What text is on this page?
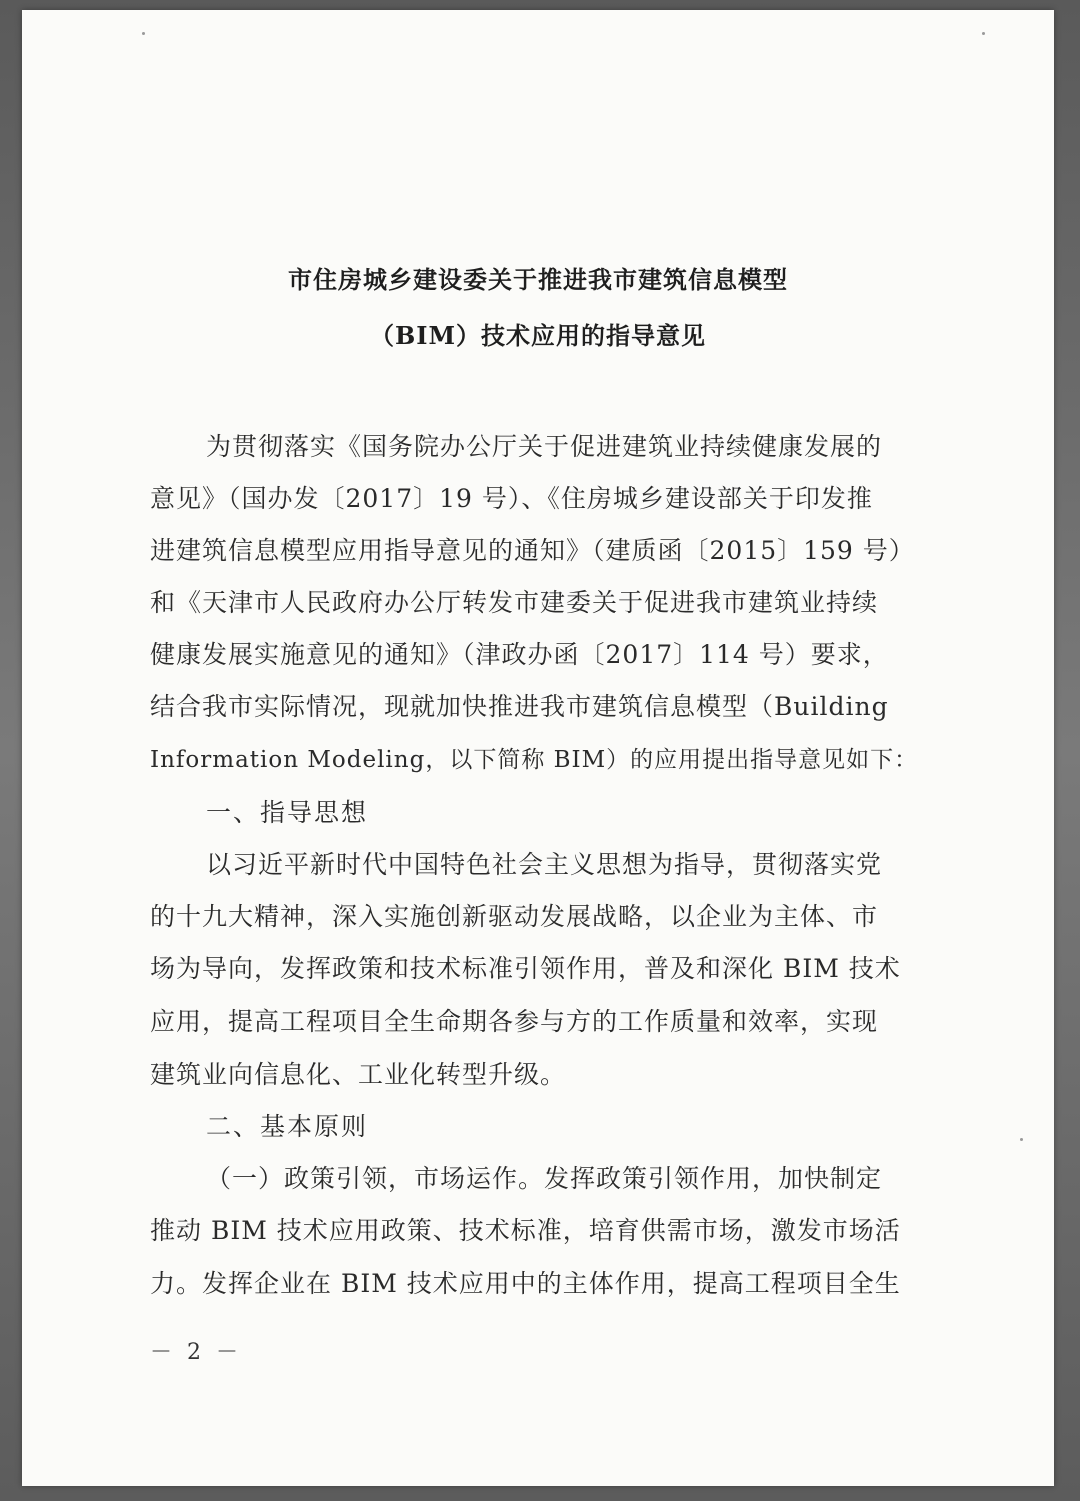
市住房城乡建设委关于推进我市建筑信息模型
（BIM）技术应用的指导意见
为贯彻落实《国务院办公厅关于促进建筑业持续健康发展的
意见》（国办发〔2017〕19 号）、《住房城乡建设部关于印发推
进建筑信息模型应用指导意见的通知》（建质函〔2015〕159 号）
和《天津市人民政府办公厅转发市建委关于促进我市建筑业持续
健康发展实施意见的通知》（津政办函〔2017〕114 号）要求，
结合我市实际情况，现就加快推进我市建筑信息模型（Building
Information Modeling，以下简称 BIM）的应用提出指导意见如下：
一、指导思想
以习近平新时代中国特色社会主义思想为指导，贯彻落实党
的十九大精神，深入实施创新驱动发展战略，以企业为主体、市
场为导向，发挥政策和技术标准引领作用，普及和深化 BIM 技术
应用，提高工程项目全生命期各参与方的工作质量和效率，实现
建筑业向信息化、工业化转型升级。
二、基本原则
（一）政策引领，市场运作。发挥政策引领作用，加快制定
推动 BIM 技术应用政策、技术标准，培育供需市场，激发市场活
力。发挥企业在 BIM 技术应用中的主体作用，提高工程项目全生
－ 2 －
